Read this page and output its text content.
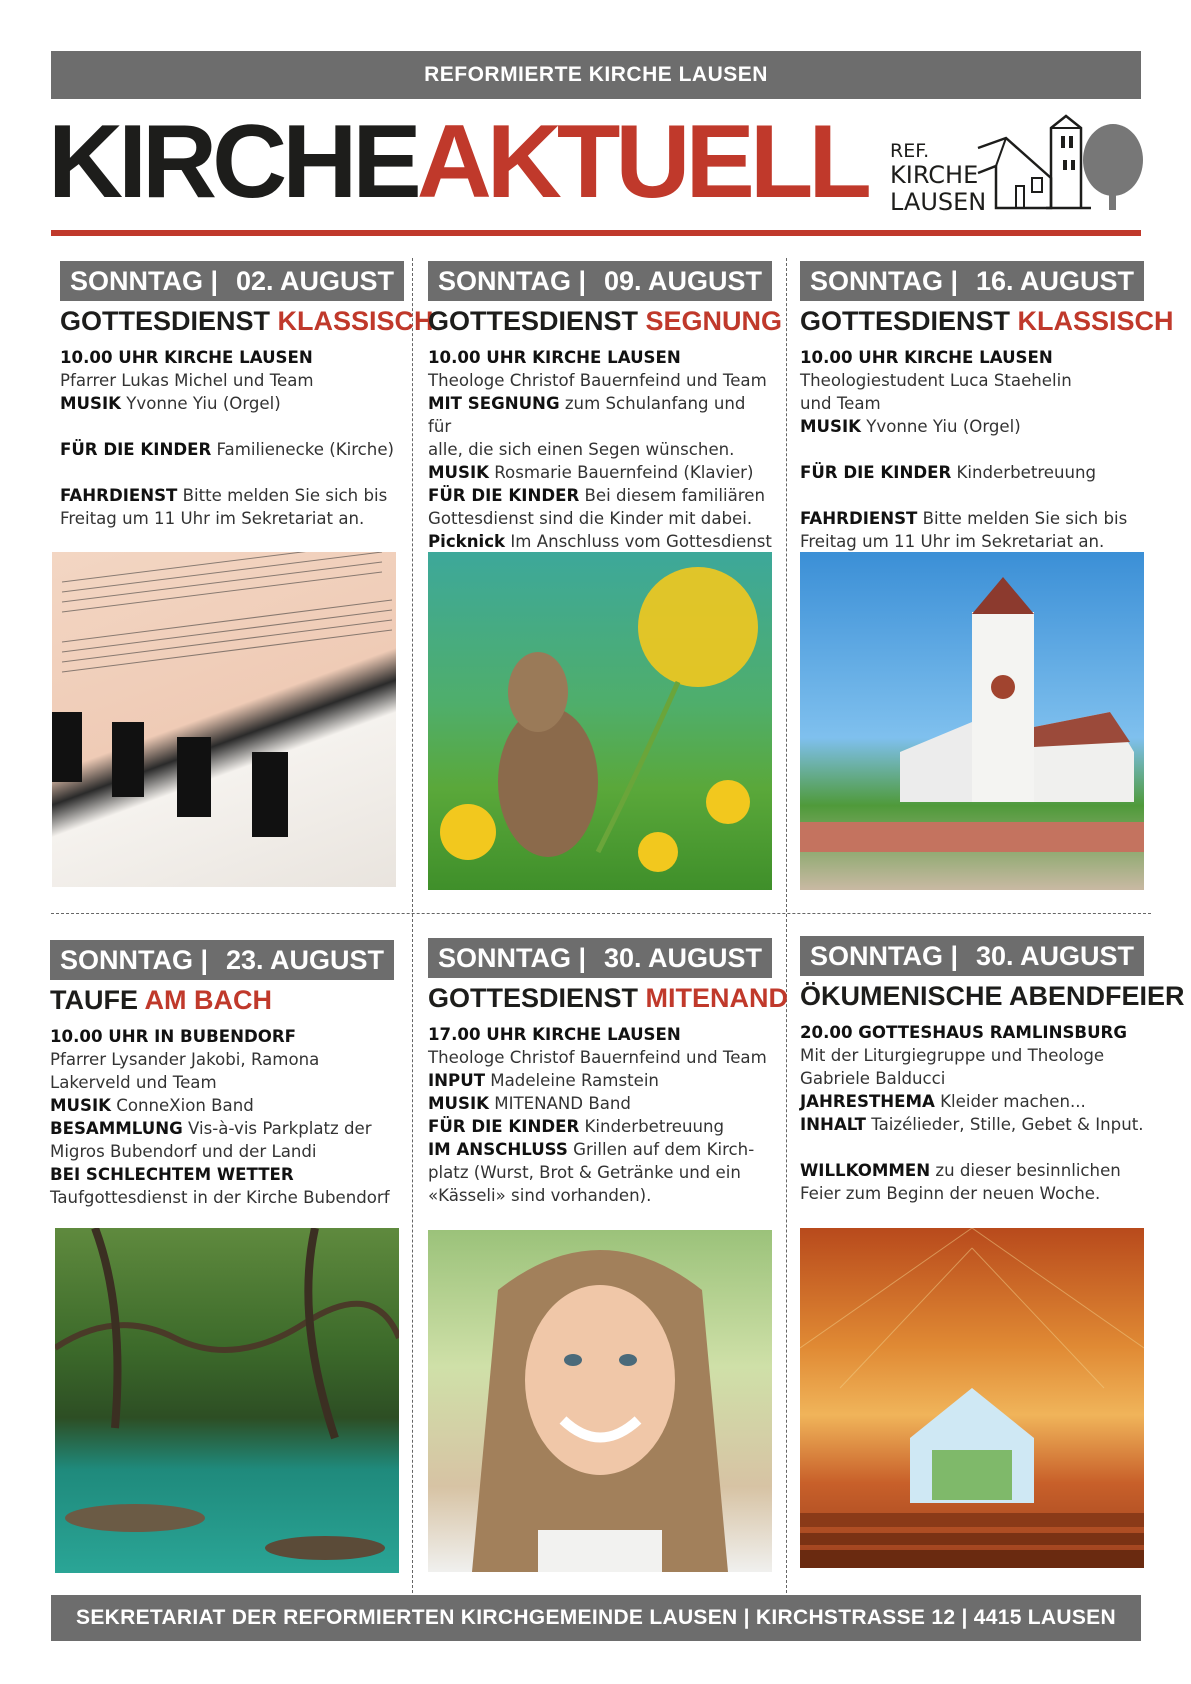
REFORMIERTE KIRCHE LAUSEN
KIRCHEAKTUELL REF.
KIRCHE
LAUSEN
SONNTAG | 02. AUGUST
GOTTESDIENST KLASSISCH
10.00 UHR KIRCHE LAUSEN
Pfarrer Lukas Michel und Team
MUSIK Yvonne Yiu (Orgel)

FÜR DIE KINDER Familienecke (Kirche)

FAHRDIENST Bitte melden Sie sich bis
Freitag um 11 Uhr im Sekretariat an.
SONNTAG | 09. AUGUST
GOTTESDIENST SEGNUNG
10.00 UHR KIRCHE LAUSEN
Theologe Christof Bauernfeind und Team
MIT SEGNUNG zum Schulanfang und für
alle, die sich einen Segen wünschen.
MUSIK Rosmarie Bauernfeind (Klavier)
FÜR DIE KINDER Bei diesem familiären
Gottesdienst sind die Kinder mit dabei.
Picknick Im Anschluss vom Gottesdienst
SONNTAG | 16. AUGUST
GOTTESDIENST KLASSISCH
10.00 UHR KIRCHE LAUSEN
Theologiestudent Luca Staehelin
und Team
MUSIK Yvonne Yiu (Orgel)

FÜR DIE KINDER Kinderbetreuung

FAHRDIENST Bitte melden Sie sich bis
Freitag um 11 Uhr im Sekretariat an.
SONNTAG | 23. AUGUST
TAUFE AM BACH
10.00 UHR IN BUBENDORF
Pfarrer Lysander Jakobi, Ramona
Lakerveld und Team
MUSIK ConneXion Band
BESAMMLUNG Vis-à-vis Parkplatz der
Migros Bubendorf und der Landi
BEI SCHLECHTEM WETTER
Taufgottesdienst in der Kirche Bubendorf
SONNTAG | 30. AUGUST
GOTTESDIENST MITENAND
17.00 UHR KIRCHE LAUSEN
Theologe Christof Bauernfeind und Team
INPUT Madeleine Ramstein
MUSIK MITENAND Band
FÜR DIE KINDER Kinderbetreuung
IM ANSCHLUSS Grillen auf dem Kirch-
platz (Wurst, Brot & Getränke und ein
«Kässeli» sind vorhanden).
SONNTAG | 30. AUGUST
ÖKUMENISCHE ABENDFEIER
20.00 GOTTESHAUS RAMLINSBURG
Mit der Liturgiegruppe und Theologe
Gabriele Balducci
JAHRESTHEMA Kleider machen...
INHALT Taizélieder, Stille, Gebet & Input.

WILLKOMMEN zu dieser besinnlichen
Feier zum Beginn der neuen Woche.
SEKRETARIAT DER REFORMIERTEN KIRCHGEMEINDE LAUSEN | KIRCHSTRASSE 12 | 4415 LAUSEN
